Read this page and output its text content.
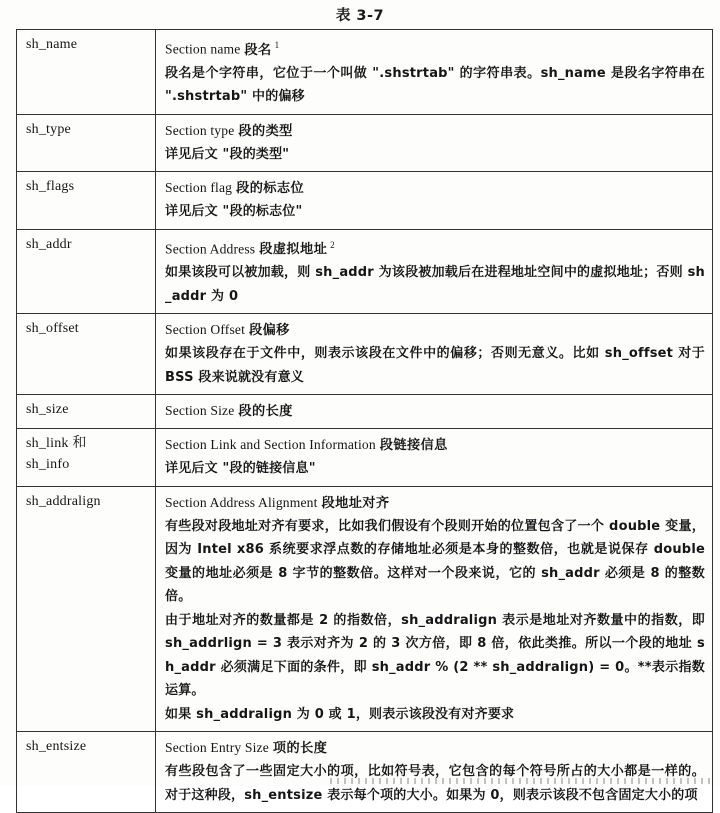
表 3-7
sh_name	Section name 段名 $^1$
段名是个字符串，它位于一个叫做 ".shstrtab" 的字符串表。sh_name 是段名字符串在 ".shstrtab" 中的偏移

sh_type	Section type 段的类型
详见后文 "段的类型"

sh_flags	Section flag 段的标志位
详见后文 "段的标志位"

sh_addr	Section Address 段虚拟地址 $^2$
如果该段可以被加载，则 sh_addr 为该段被加载后在进程地址空间中的虚拟地址；否则 sh_addr 为 0

sh_offset	Section Offset 段偏移
如果该段存在于文件中，则表示该段在文件中的偏移；否则无意义。比如 sh_offset 对于 BSS 段来说就没有意义

sh_size	Section Size 段的长度

sh_link 和
sh_info	Section Link and Section Information 段链接信息
详见后文 "段的链接信息"

sh_addralign	Section Address Alignment 段地址对齐
有些段对段地址对齐有要求，比如我们假设有个段则开始的位置包含了一个 double 变量，因为 Intel x86 系统要求浮点数的存储地址必须是本身的整数倍，也就是说保存 double 变量的地址必须是 8 字节的整数倍。这样对一个段来说，它的 sh_addr 必须是 8 的整数倍。
由于地址对齐的数量都是 2 的指数倍，sh_addralign 表示是地址对齐数量中的指数，即 sh_addrlign = 3 表示对齐为 2 的 3 次方倍，即 8 倍，依此类推。所以一个段的地址 sh_addr 必须满足下面的条件，即 sh_addr % (2 ** sh_addralign) = 0。**表示指数运算。
如果 sh_addralign 为 0 或 1，则表示该段没有对齐要求

sh_entsize	Section Entry Size 项的长度
有些段包含了一些固定大小的项，比如符号表，它包含的每个符号所占的大小都是一样的。对于这种段，sh_entsize 表示每个项的大小。如果为 0，则表示该段不包含固定大小的项
